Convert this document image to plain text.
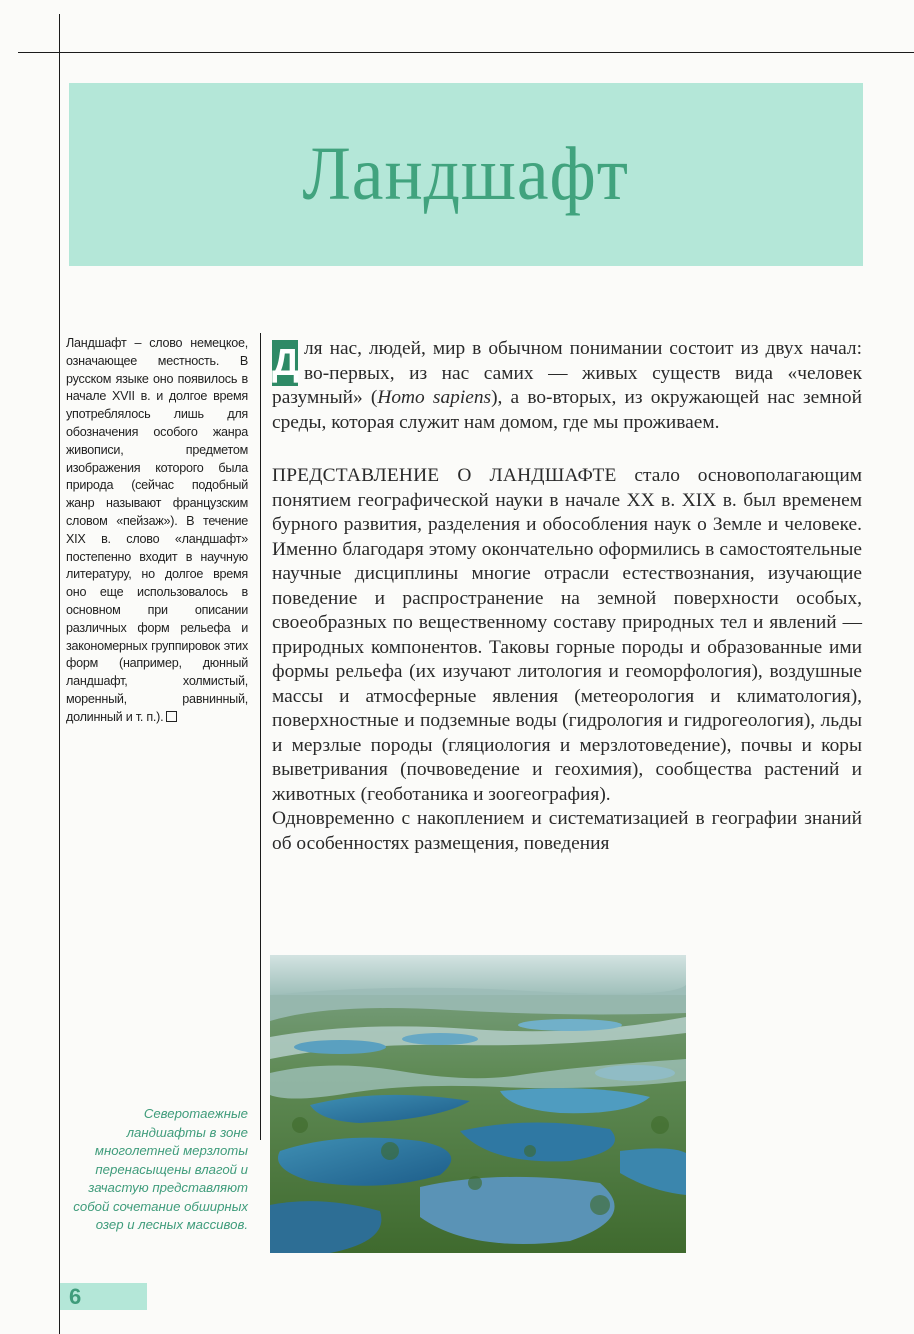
Ландшафт
Ландшафт – слово немецкое, означающее местность. В русском языке оно появилось в начале XVII в. и долгое время употреблялось лишь для обозначения особого жанра живописи, предметом изображения которого была природа (сейчас подобный жанр называют французским словом «пейзаж»). В течение XIX в. слово «ландшафт» постепенно входит в научную литературу, но долгое время оно еще использовалось в основном при описании различных форм рельефа и закономерных группировок этих форм (например, дюнный ландшафт, холмистый, моренный, равнинный, долинный и т. п.).

Д ля нас, людей, мир в обычном понимании состоит из двух начал: во-первых, из нас самих — живых существ вида «человек разумный» (Homo sapiens), а во-вторых, из окружающей нас земной среды, которая служит нам домом, где мы проживаем.

ПРЕДСТАВЛЕНИЕ О ЛАНДШАФТЕ стало основополагающим понятием географической науки в начале XX в. XIX в. был временем бурного развития, разделения и обособления наук о Земле и человеке. Именно благодаря этому окончательно оформились в самостоятельные научные дисциплины многие отрасли естествознания, изучающие поведение и распространение на земной поверхности особых, своеобразных по вещественному составу природных тел и явлений — природных компонентов. Таковы горные породы и образованные ими формы рельефа (их изучают литология и геоморфология), воздушные массы и атмосферные явления (метеорология и климатология), поверхностные и подземные воды (гидрология и гидрогеология), льды и мерзлые породы (гляциология и мерзлотоведение), почвы и коры выветривания (почвоведение и геохимия), сообщества растений и животных (геоботаника и зоогеография).

Одновременно с накоплением и систематизацией в географии знаний об особенностях размещения, поведения

Северотаежные ландшафты в зоне многолетней мерзлоты перенасыщены влагой и зачастую представляют собой сочетание обширных озер и лесных массивов.
6
